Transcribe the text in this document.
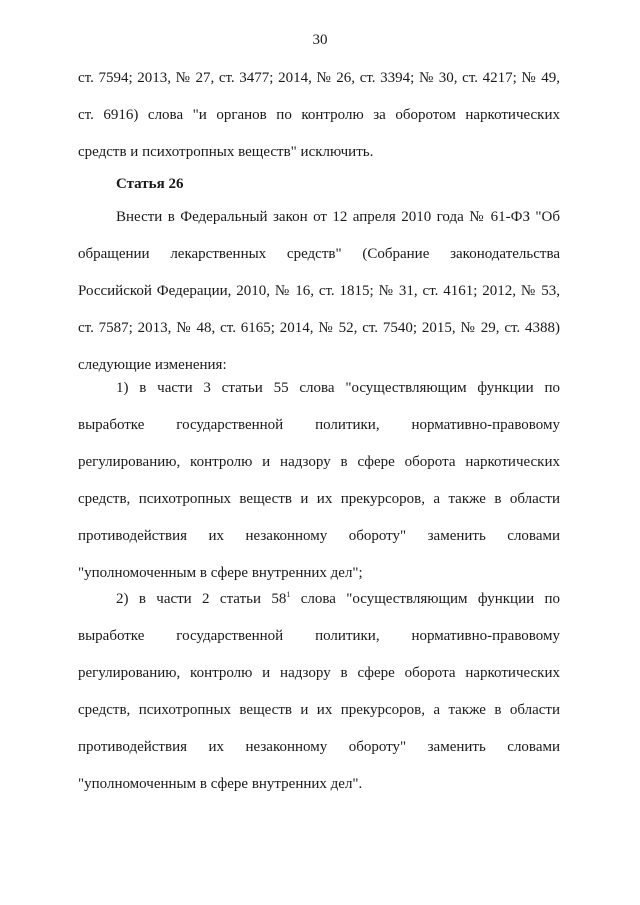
30

ст. 7594; 2013, № 27, ст. 3477; 2014, № 26, ст. 3394; № 30, ст. 4217; № 49, ст. 6916) слова "и органов по контролю за оборотом наркотических средств и психотропных веществ" исключить.

Статья 26

Внести в Федеральный закон от 12 апреля 2010 года № 61-ФЗ "Об обращении лекарственных средств" (Собрание законодательства Российской Федерации, 2010, № 16, ст. 1815; № 31, ст. 4161; 2012, № 53, ст. 7587; 2013, № 48, ст. 6165; 2014, № 52, ст. 7540; 2015, № 29, ст. 4388) следующие изменения:

1) в части 3 статьи 55 слова "осуществляющим функции по выработке государственной политики, нормативно-правовому регулированию, контролю и надзору в сфере оборота наркотических средств, психотропных веществ и их прекурсоров, а также в области противодействия их незаконному обороту" заменить словами "уполномоченным в сфере внутренних дел";

2) в части 2 статьи $58^1$ слова "осуществляющим функции по выработке государственной политики, нормативно-правовому регулированию, контролю и надзору в сфере оборота наркотических средств, психотропных веществ и их прекурсоров, а также в области противодействия их незаконному обороту" заменить словами "уполномоченным в сфере внутренних дел".
